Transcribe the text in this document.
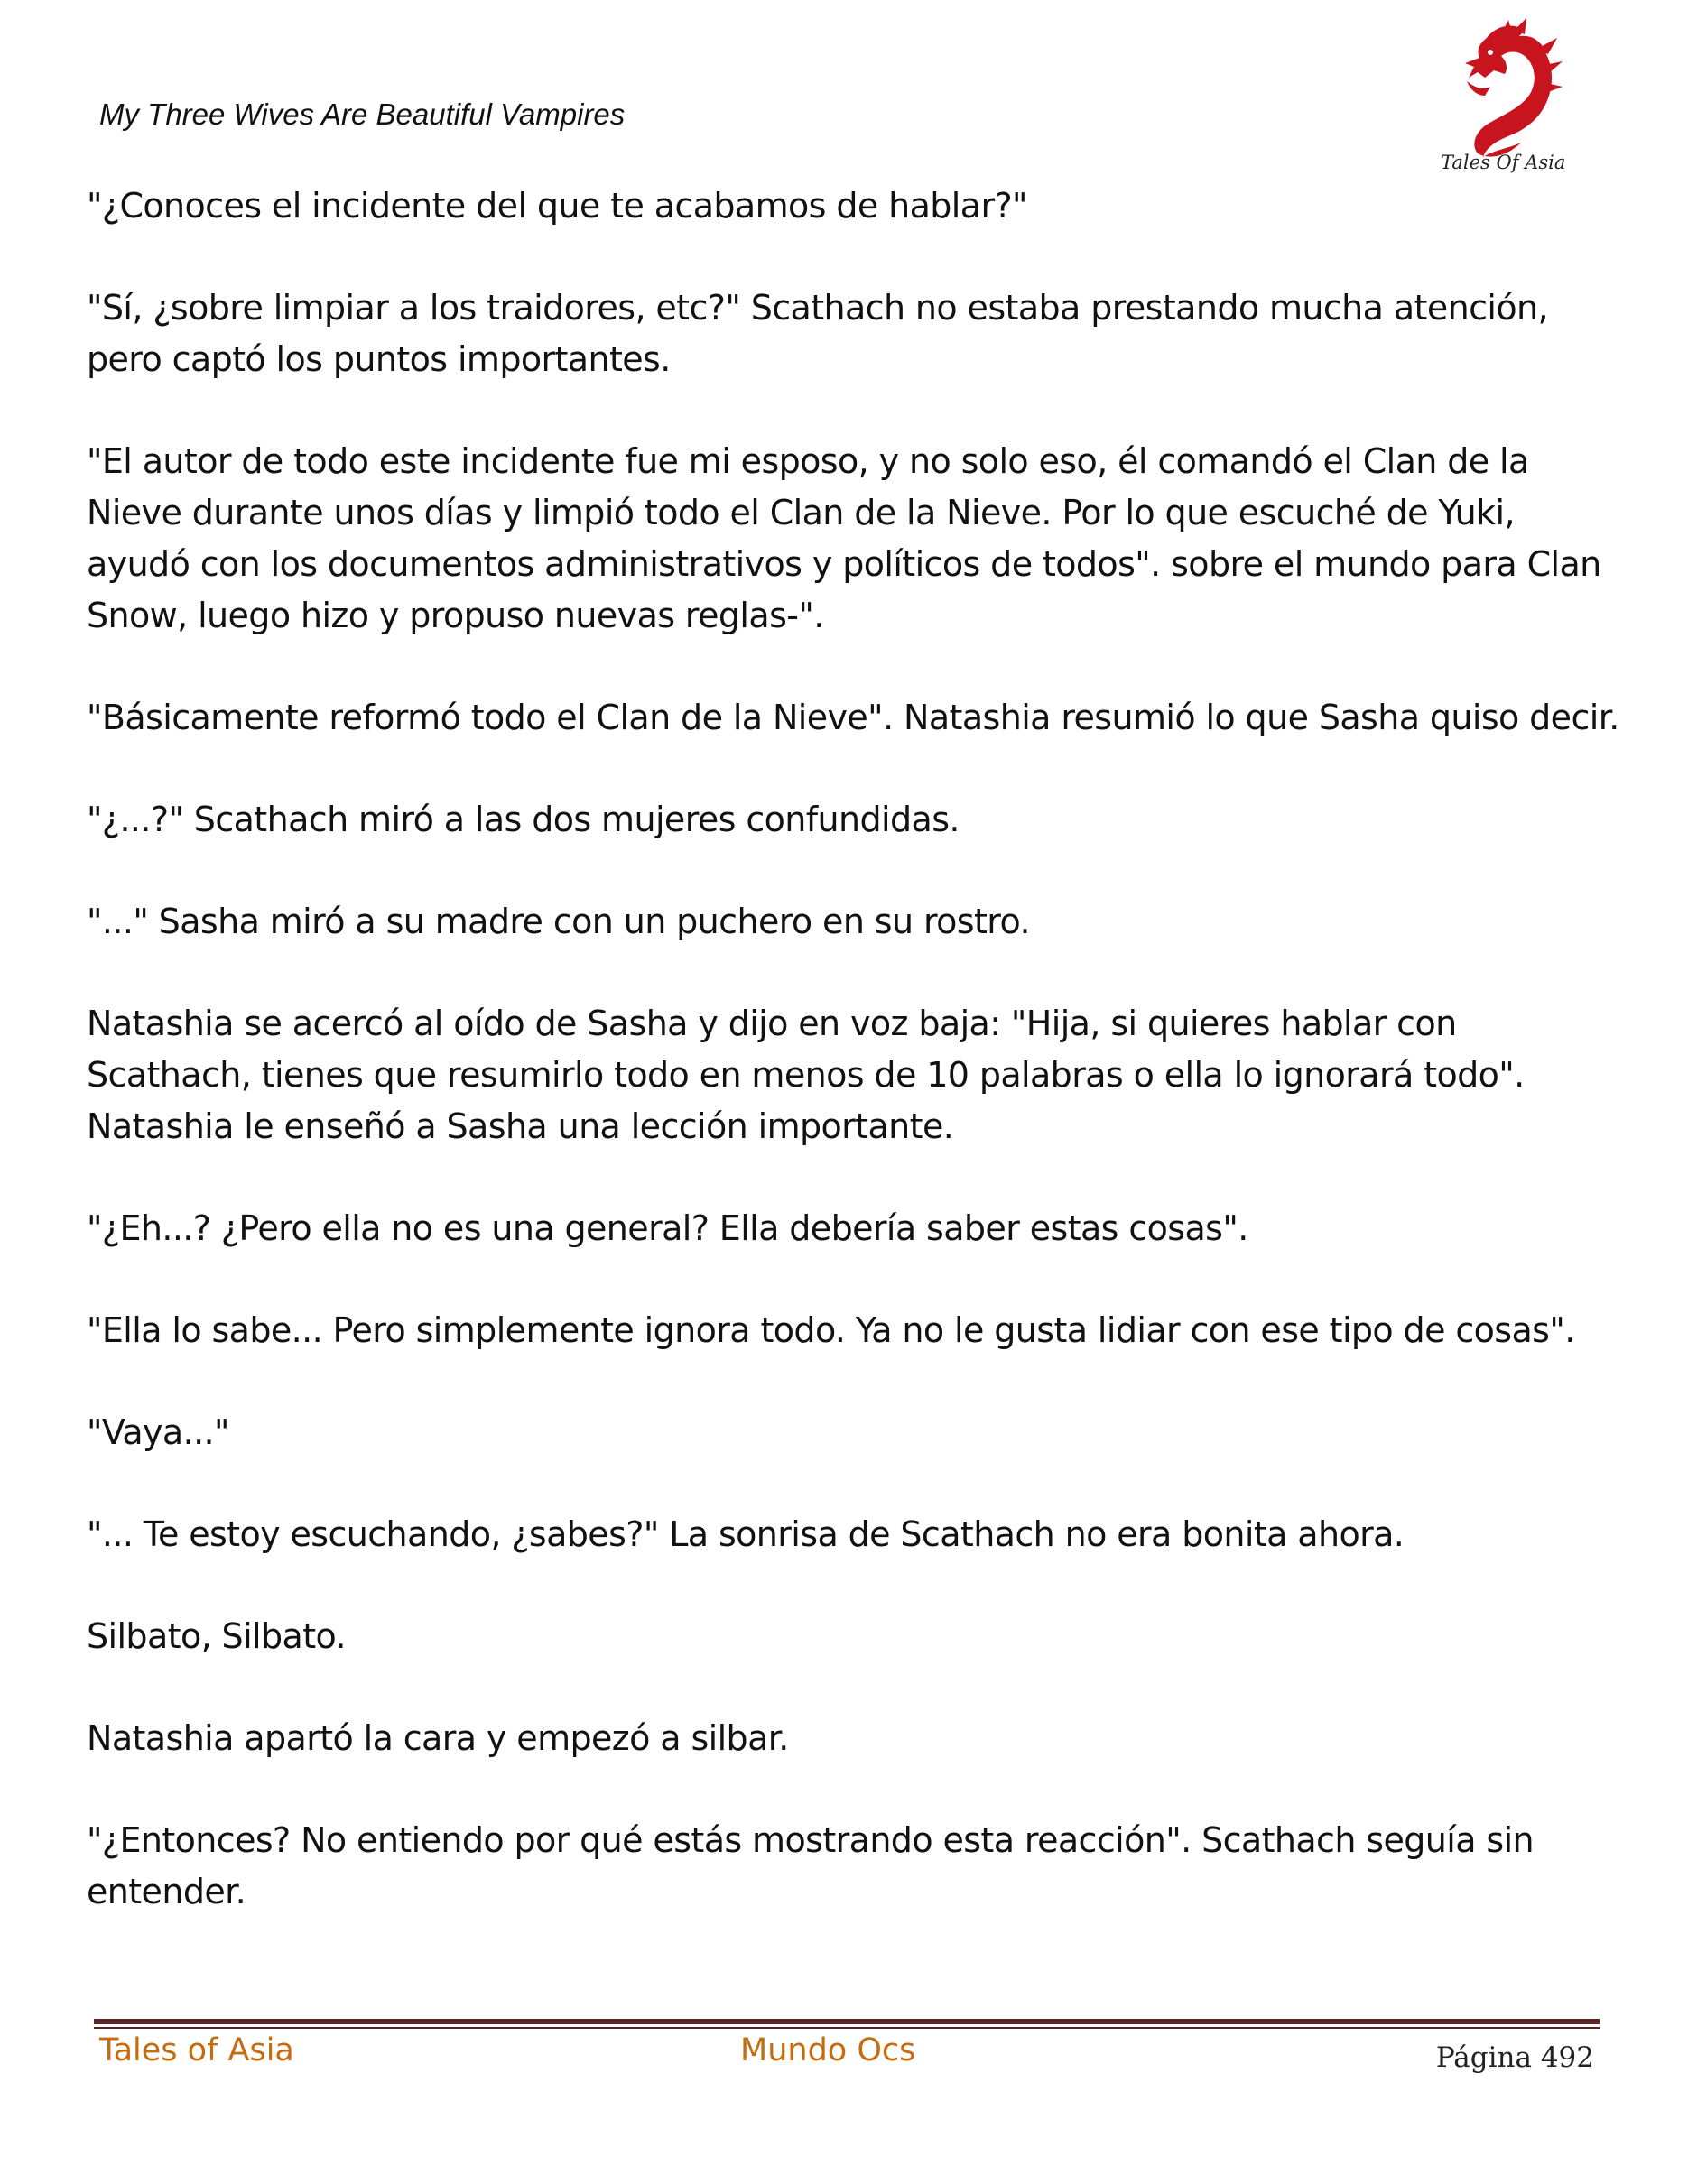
My Three Wives Are Beautiful Vampires
Tales Of Asia

"¿Conoces el incidente del que te acabamos de hablar?"

"Sí, ¿sobre limpiar a los traidores, etc?" Scathach no estaba prestando mucha atención, pero captó los puntos importantes.

"El autor de todo este incidente fue mi esposo, y no solo eso, él comandó el Clan de la Nieve durante unos días y limpió todo el Clan de la Nieve. Por lo que escuché de Yuki, ayudó con los documentos administrativos y políticos de todos". sobre el mundo para Clan Snow, luego hizo y propuso nuevas reglas-".

"Básicamente reformó todo el Clan de la Nieve". Natashia resumió lo que Sasha quiso decir.

"¿...?" Scathach miró a las dos mujeres confundidas.

"..." Sasha miró a su madre con un puchero en su rostro.

Natashia se acercó al oído de Sasha y dijo en voz baja: "Hija, si quieres hablar con Scathach, tienes que resumirlo todo en menos de 10 palabras o ella lo ignorará todo". Natashia le enseñó a Sasha una lección importante.

"¿Eh...? ¿Pero ella no es una general? Ella debería saber estas cosas".

"Ella lo sabe... Pero simplemente ignora todo. Ya no le gusta lidiar con ese tipo de cosas".

"Vaya..."

"... Te estoy escuchando, ¿sabes?" La sonrisa de Scathach no era bonita ahora.

Silbato, Silbato.

Natashia apartó la cara y empezó a silbar.

"¿Entonces? No entiendo por qué estás mostrando esta reacción". Scathach seguía sin entender.

Tales of Asia	Mundo Ocs	Página 492
